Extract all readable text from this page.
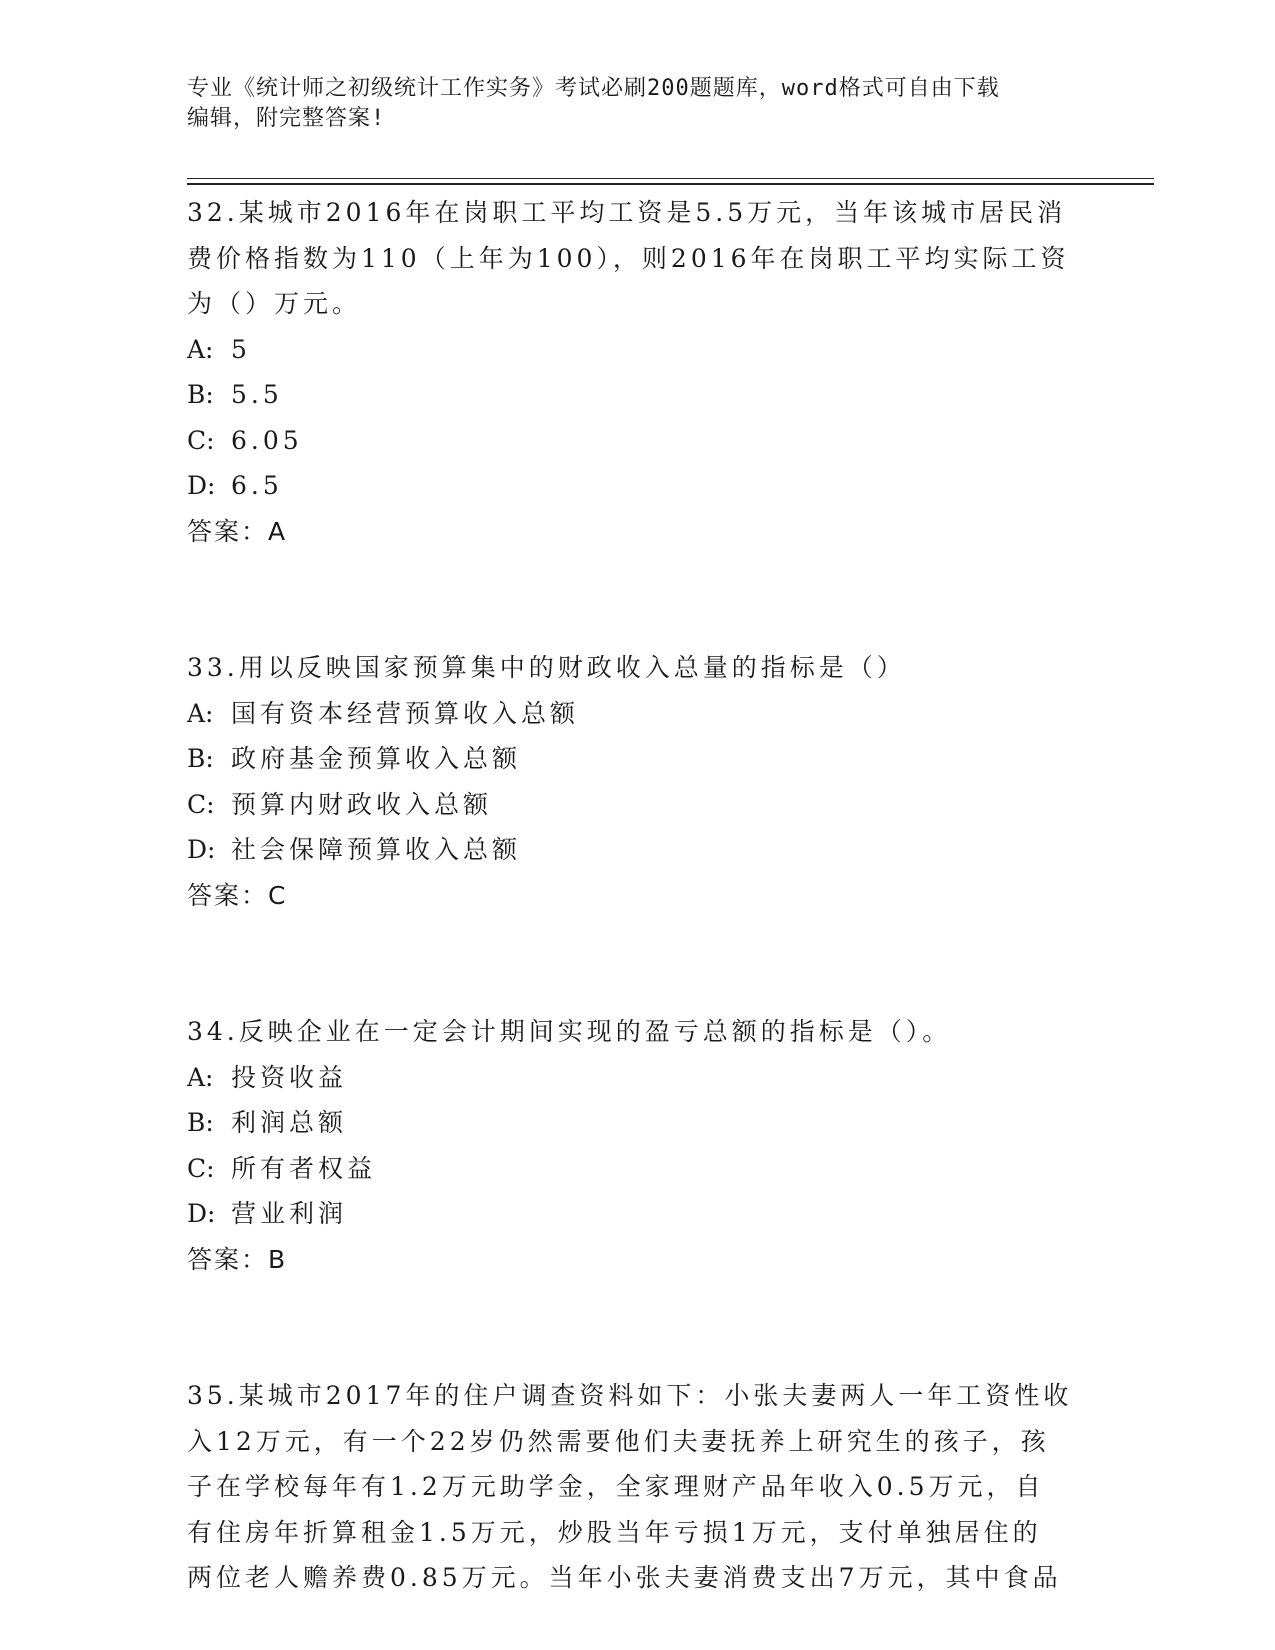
专业《统计师之初级统计工作实务》考试必刷200题题库，word格式可自由下载
编辑，附完整答案!

32.某城市2016年在岗职工平均工资是5.5万元，当年该城市居民消

费价格指数为110（上年为100），则2016年在岗职工平均实际工资

为（）万元。

A: 5

B: 5.5

C: 6.05

D: 6.5

答案：A

33.用以反映国家预算集中的财政收入总量的指标是（）

A: 国有资本经营预算收入总额

B: 政府基金预算收入总额

C: 预算内财政收入总额

D: 社会保障预算收入总额

答案：C

34.反映企业在一定会计期间实现的盈亏总额的指标是（）。

A: 投资收益

B: 利润总额

C: 所有者权益

D: 营业利润

答案：B

35.某城市2017年的住户调查资料如下：小张夫妻两人一年工资性收

入12万元，有一个22岁仍然需要他们夫妻抚养上研究生的孩子，孩

子在学校每年有1.2万元助学金，全家理财产品年收入0.5万元，自

有住房年折算租金1.5万元，炒股当年亏损1万元，支付单独居住的

两位老人赡养费0.85万元。当年小张夫妻消费支出7万元，其中食品
